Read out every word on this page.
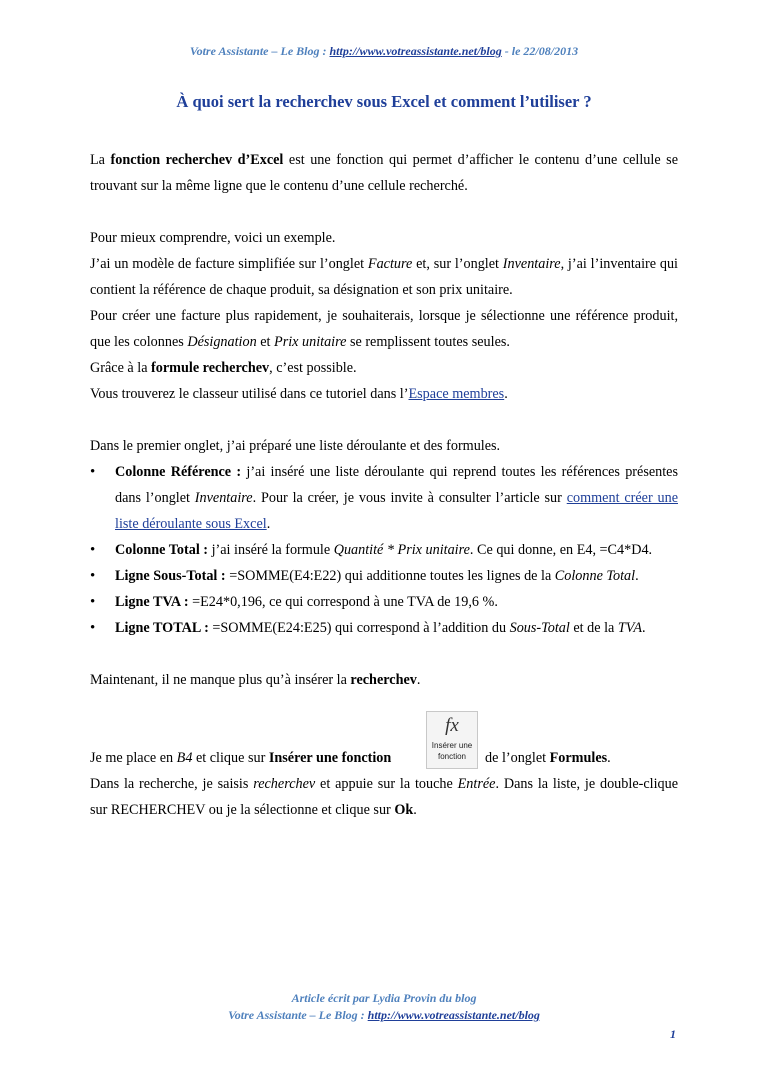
Votre Assistante – Le Blog : http://www.votreassistante.net/blog - le 22/08/2013
À quoi sert la recherchev sous Excel et comment l’utiliser ?

La fonction recherchev d’Excel est une fonction qui permet d’afficher le contenu d’une cellule se trouvant sur la même ligne que le contenu d’une cellule recherché.

Pour mieux comprendre, voici un exemple.

J’ai un modèle de facture simplifiée sur l’onglet Facture et, sur l’onglet Inventaire, j’ai l’inventaire qui contient la référence de chaque produit, sa désignation et son prix unitaire.

Pour créer une facture plus rapidement, je souhaiterais, lorsque je sélectionne une référence produit, que les colonnes Désignation et Prix unitaire se remplissent toutes seules.

Grâce à la formule recherchev, c’est possible.

Vous trouverez le classeur utilisé dans ce tutoriel dans l’Espace membres.

Dans le premier onglet, j’ai préparé une liste déroulante et des formules.

• Colonne Référence : j’ai inséré une liste déroulante qui reprend toutes les références présentes dans l’onglet Inventaire. Pour la créer, je vous invite à consulter l’article sur comment créer une liste déroulante sous Excel.
• Colonne Total : j’ai inséré la formule Quantité * Prix unitaire. Ce qui donne, en E4, =C4*D4.
• Ligne Sous-Total : =SOMME(E4:E22) qui additionne toutes les lignes de la Colonne Total.
• Ligne TVA : =E24*0,196, ce qui correspond à une TVA de 19,6 %.
• Ligne TOTAL : =SOMME(E24:E25) qui correspond à l’addition du Sous-Total et de la TVA.

Maintenant, il ne manque plus qu’à insérer la recherchev.

Je me place en B4 et clique sur Insérer une fonction
fx
Insérer une
fonction	de l’onglet Formules.

Dans la recherche, je saisis recherchev et appuie sur la touche Entrée. Dans la liste, je double-clique sur RECHERCHEV ou je la sélectionne et clique sur Ok.

Article écrit par Lydia Provin du blog
Votre Assistante – Le Blog : http://www.votreassistante.net/blog
1
